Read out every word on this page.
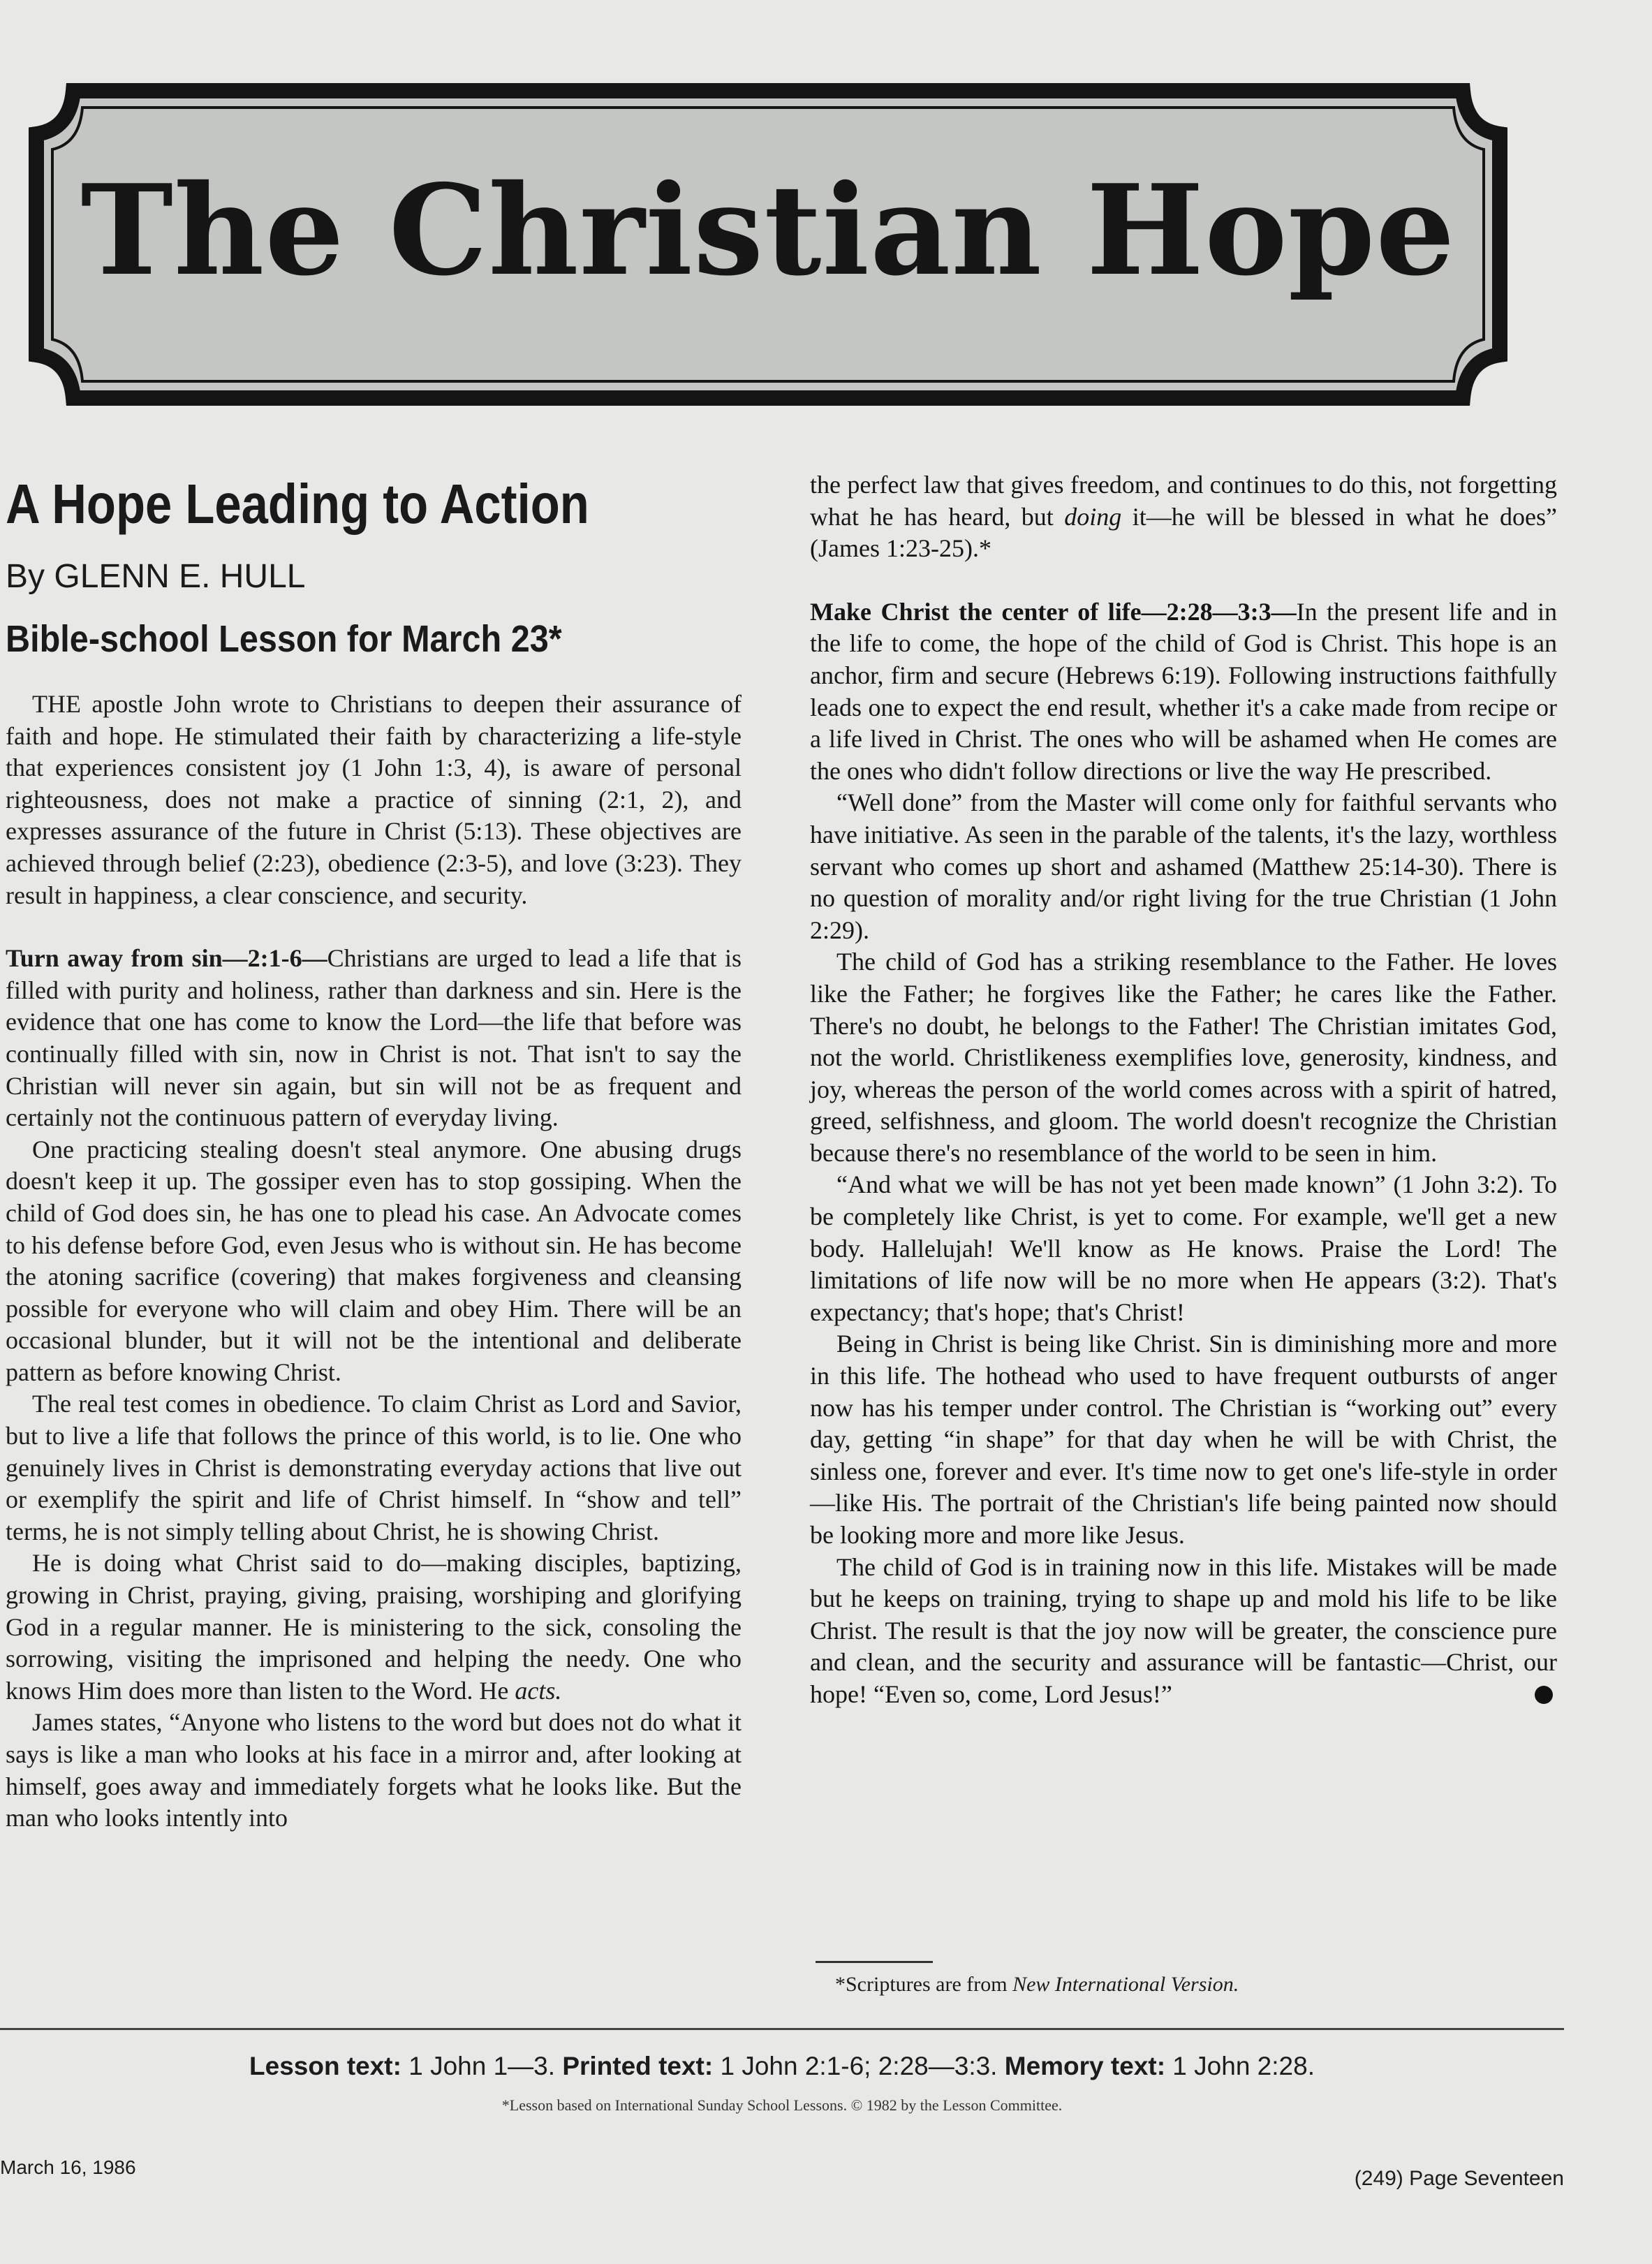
The Christian Hope
A Hope Leading to Action
By GLENN E. HULL
Bible-school Lesson for March 23*

THE apostle John wrote to Christians to deepen their assurance of faith and hope. He stimulated their faith by characterizing a life-style that experiences consistent joy (1 John 1:3, 4), is aware of personal righteousness, does not make a practice of sinning (2:1, 2), and expresses assurance of the future in Christ (5:13). These objectives are achieved through belief (2:23), obedience (2:3-5), and love (3:23). They result in happiness, a clear conscience, and security.

Turn away from sin—2:1-6—Christians are urged to lead a life that is filled with purity and holiness, rather than darkness and sin. Here is the evidence that one has come to know the Lord—the life that before was continually filled with sin, now in Christ is not. That isn't to say the Christian will never sin again, but sin will not be as frequent and certainly not the continuous pattern of everyday living.

One practicing stealing doesn't steal anymore. One abusing drugs doesn't keep it up. The gossiper even has to stop gossiping. When the child of God does sin, he has one to plead his case. An Advocate comes to his defense before God, even Jesus who is without sin. He has become the atoning sacrifice (covering) that makes forgiveness and cleansing possible for everyone who will claim and obey Him. There will be an occasional blunder, but it will not be the intentional and deliberate pattern as before knowing Christ.

The real test comes in obedience. To claim Christ as Lord and Savior, but to live a life that follows the prince of this world, is to lie. One who genuinely lives in Christ is demonstrating everyday actions that live out or exemplify the spirit and life of Christ himself. In “show and tell” terms, he is not simply telling about Christ, he is showing Christ.

He is doing what Christ said to do—making disciples, baptizing, growing in Christ, praying, giving, praising, worshiping and glorifying God in a regular manner. He is ministering to the sick, consoling the sorrowing, visiting the imprisoned and helping the needy. One who knows Him does more than listen to the Word. He acts.

James states, “Anyone who listens to the word but does not do what it says is like a man who looks at his face in a mirror and, after looking at himself, goes away and immediately forgets what he looks like. But the man who looks intently into

the perfect law that gives freedom, and continues to do this, not forgetting what he has heard, but doing it—he will be blessed in what he does” (James 1:23-25).*

Make Christ the center of life—2:28—3:3—In the present life and in the life to come, the hope of the child of God is Christ. This hope is an anchor, firm and secure (Hebrews 6:19). Following instructions faithfully leads one to expect the end result, whether it's a cake made from recipe or a life lived in Christ. The ones who will be ashamed when He comes are the ones who didn't follow directions or live the way He prescribed.

“Well done” from the Master will come only for faithful servants who have initiative. As seen in the parable of the talents, it's the lazy, worthless servant who comes up short and ashamed (Matthew 25:14-30). There is no question of morality and/or right living for the true Christian (1 John 2:29).

The child of God has a striking resemblance to the Father. He loves like the Father; he forgives like the Father; he cares like the Father. There's no doubt, he belongs to the Father! The Christian imitates God, not the world. Christlikeness exemplifies love, generosity, kindness, and joy, whereas the person of the world comes across with a spirit of hatred, greed, selfishness, and gloom. The world doesn't recognize the Christian because there's no resemblance of the world to be seen in him.

“And what we will be has not yet been made known” (1 John 3:2). To be completely like Christ, is yet to come. For example, we'll get a new body. Hallelujah! We'll know as He knows. Praise the Lord! The limitations of life now will be no more when He appears (3:2). That's expectancy; that's hope; that's Christ!

Being in Christ is being like Christ. Sin is diminishing more and more in this life. The hothead who used to have frequent outbursts of anger now has his temper under control. The Christian is “working out” every day, getting “in shape” for that day when he will be with Christ, the sinless one, forever and ever. It's time now to get one's life-style in order—like His. The portrait of the Christian's life being painted now should be looking more and more like Jesus.

The child of God is in training now in this life. Mistakes will be made but he keeps on training, trying to shape up and mold his life to be like Christ. The result is that the joy now will be greater, the conscience pure and clean, and the security and assurance will be fantastic—Christ, our hope! “Even so, come, Lord Jesus!”

*Scriptures are from New International Version.
Lesson text: 1 John 1—3. Printed text: 1 John 2:1-6; 2:28—3:3. Memory text: 1 John 2:28.
*Lesson based on International Sunday School Lessons. © 1982 by the Lesson Committee.
March 16, 1986	(249) Page Seventeen
